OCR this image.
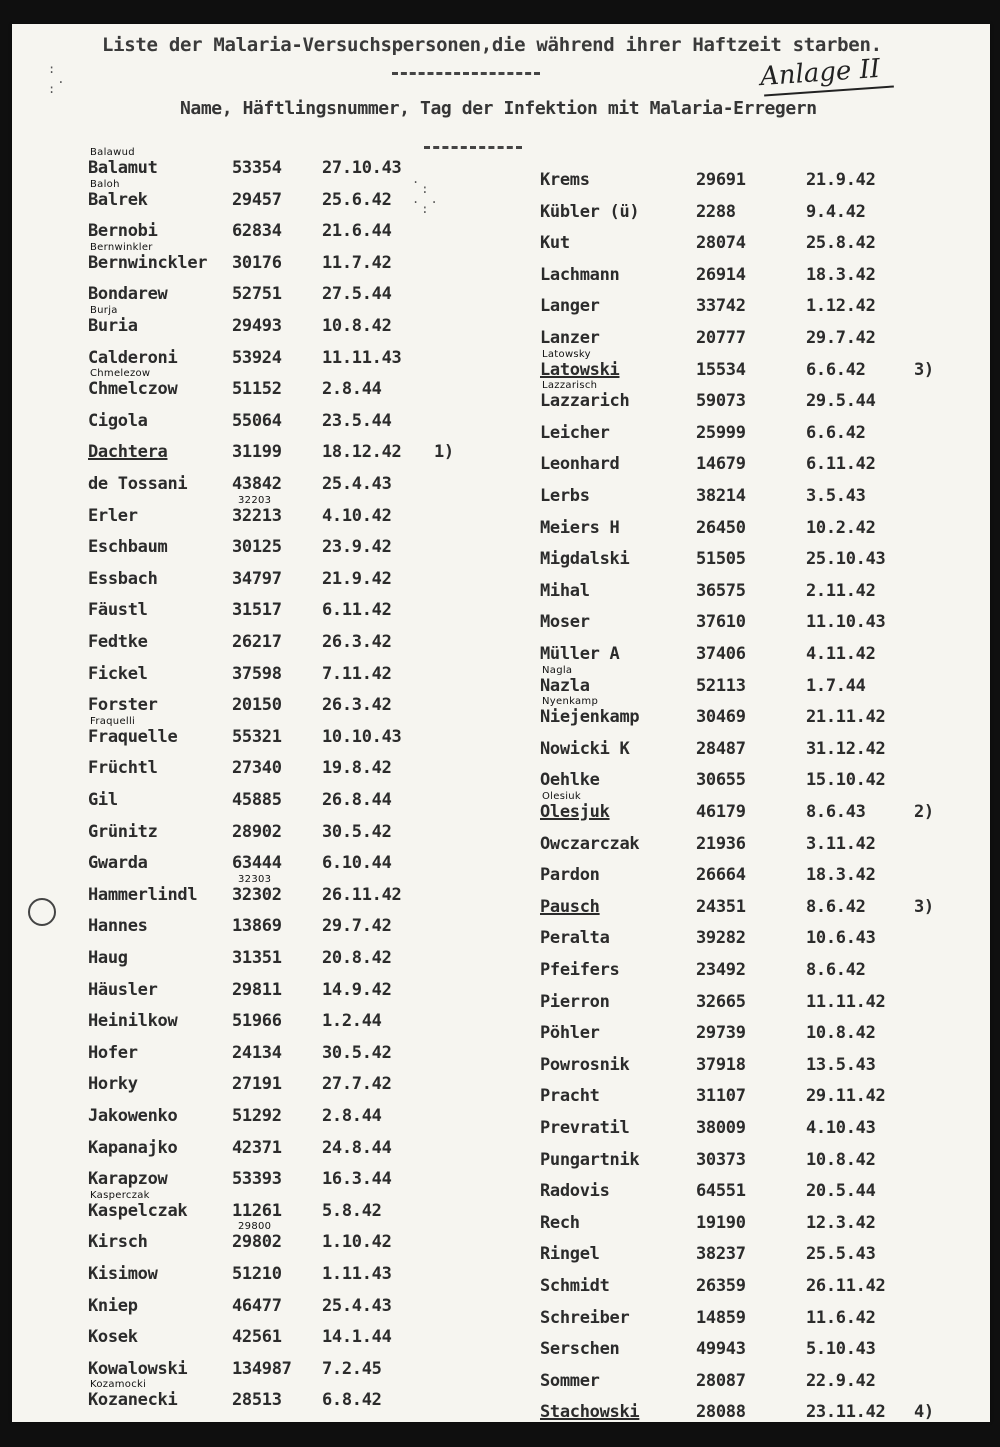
Liste der Malaria-Versuchspersonen,die während ihrer Haftzeit starben.
Anlage II
Name, Häftlingsnummer, Tag der Infektion mit Malaria-Erregern
Balamut	53354 27.10.43
Balawud
Balrek	29457 25.6.42
Baloh
Bernobi	62834 21.6.44
Bernwinckler 30176 11.7.42
Bernwinkler
Bondarew	52751 27.5.44
Buria	29493 10.8.42
Burja
Calderoni	53924 11.11.43
Chmelczow	51152 2.8.44
Chmelezow
Cigola	55064 23.5.44
Dachtera	31199 18.12.42 1)
de Tossani	43842 25.4.43
Erler	32213 4.10.42
32203
Eschbaum	30125 23.9.42
Essbach	34797 21.9.42
Fäustl	31517 6.11.42
Fedtke	26217 26.3.42
Fickel	37598 7.11.42
Forster	20150 26.3.42
Fraquelle	55321 10.10.43
Fraquelli
Früchtl	27340 19.8.42
Gil	45885 26.8.44
Grünitz	28902 30.5.42
Gwarda	63444 6.10.44
Hammerlindl 32302 26.11.42
32303
Hannes	13869 29.7.42
Haug	31351 20.8.42
Häusler	29811 14.9.42
Heinilkow	51966 1.2.44
Hofer	24134 30.5.42
Horky	27191 27.7.42
Jakowenko	51292 2.8.44
Kapanajko	42371 24.8.44
Karapzow	53393 16.3.44
Kaspelczak	11261 5.8.42
Kasperczak
Kirsch	29802 1.10.42
29800
Kisimow	51210 1.11.43
Kniep	46477 25.4.43
Kosek	42561 14.1.44
Kowalowski	134987 7.2.45
Kozanecki	28513 6.8.42
Kozamocki
Krems	29691	21.9.42
Kübler (ü)	2288	9.4.42
Kut	28074	25.8.42
Lachmann	26914	18.3.42
Langer	33742	1.12.42
Lanzer	20777	29.7.42
Latowski	15534	6.6.42	3)
Latowsky
Lazzarich	59073	29.5.44
Lazzarisch
Leicher	25999	6.6.42
Leonhard	14679	6.11.42
Lerbs	38214	3.5.43
Meiers H	26450	10.2.42
Migdalski	51505	25.10.43
Mihal	36575	2.11.42
Moser	37610	11.10.43
Müller A	37406	4.11.42
Nazla	52113	1.7.44
Nagla
Niejenkamp	30469	21.11.42
Nyenkamp
Nowicki K	28487	31.12.42
Oehlke	30655	15.10.42
Olesjuk	46179	8.6.43	2)
Olesiuk
Owczarczak	21936	3.11.42
Pardon	26664	18.3.42
Pausch	24351	8.6.42	3)
Peralta	39282	10.6.43
Pfeifers	23492	8.6.42
Pierron	32665	11.11.42
Pöhler	29739	10.8.42
Powrosnik	37918	13.5.43
Pracht	31107	29.11.42
Prevratil	38009	4.10.43
Pungartnik	30373	10.8.42
Radovis	64551	20.5.44
Rech	19190	12.3.42
Ringel	38237	25.5.43
Schmidt	26359	26.11.42
Schreiber	14859	11.6.42
Serschen	49943	5.10.43
Sommer	28087	22.9.42
Stachowski	28088	23.11.42 4)
.
:
. .
:
:
.
:
